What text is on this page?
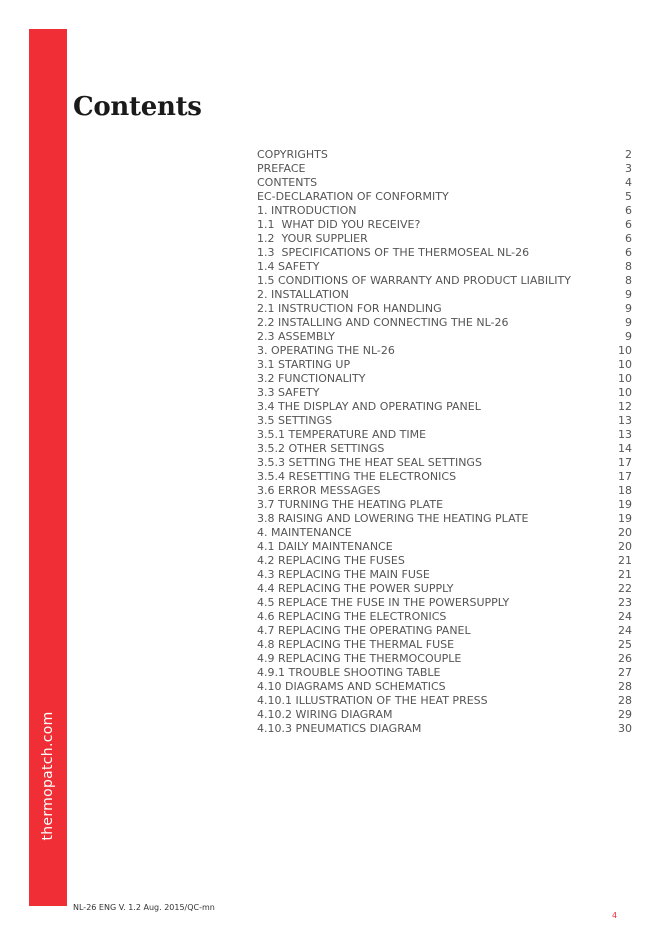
thermopatch.com
Contents
COPYRIGHTS	2
PREFACE	3
CONTENTS	4
EC-DECLARATION OF CONFORMITY	5
1. INTRODUCTION	6
1.1  WHAT DID YOU RECEIVE?	6
1.2  YOUR SUPPLIER	6
1.3  SPECIFICATIONS OF THE THERMOSEAL NL-26	6
1.4 SAFETY	8
1.5 CONDITIONS OF WARRANTY AND PRODUCT LIABILITY	8
2. INSTALLATION	9
2.1 INSTRUCTION FOR HANDLING	9
2.2 INSTALLING AND CONNECTING THE NL-26	9
2.3 ASSEMBLY	9
3. OPERATING THE NL-26	10
3.1 STARTING UP	10
3.2 FUNCTIONALITY	10
3.3 SAFETY	10
3.4 THE DISPLAY AND OPERATING PANEL	12
3.5 SETTINGS	13
3.5.1 TEMPERATURE AND TIME	13
3.5.2 OTHER SETTINGS	14
3.5.3 SETTING THE HEAT SEAL SETTINGS	17
3.5.4 RESETTING THE ELECTRONICS	17
3.6 ERROR MESSAGES	18
3.7 TURNING THE HEATING PLATE	19
3.8 RAISING AND LOWERING THE HEATING PLATE	19
4. MAINTENANCE	20
4.1 DAILY MAINTENANCE	20
4.2 REPLACING THE FUSES	21
4.3 REPLACING THE MAIN FUSE	21
4.4 REPLACING THE POWER SUPPLY	22
4.5 REPLACE THE FUSE IN THE POWERSUPPLY	23
4.6 REPLACING THE ELECTRONICS	24
4.7 REPLACING THE OPERATING PANEL	24
4.8 REPLACING THE THERMAL FUSE	25
4.9 REPLACING THE THERMOCOUPLE	26
4.9.1 TROUBLE SHOOTING TABLE	27
4.10 DIAGRAMS AND SCHEMATICS	28
4.10.1 ILLUSTRATION OF THE HEAT PRESS	28
4.10.2 WIRING DIAGRAM	29
4.10.3 PNEUMATICS DIAGRAM	30
NL-26 ENG V. 1.2 Aug. 2015/QC-mn
4
